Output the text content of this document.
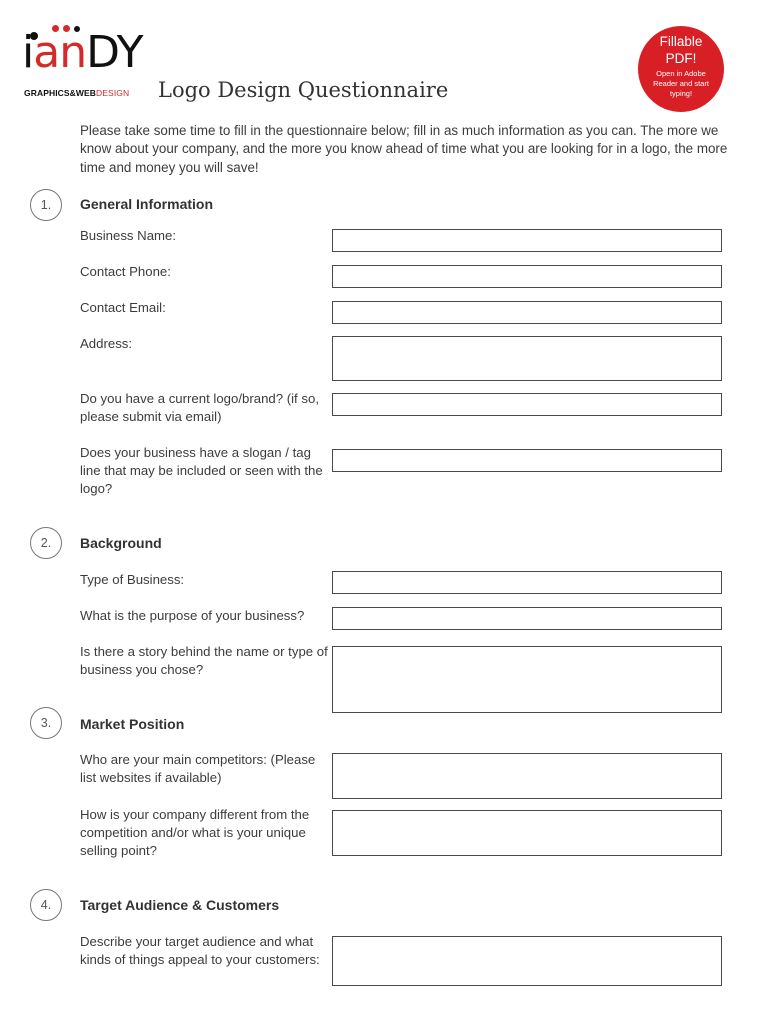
ianDY
GRAPHICS&WEBDESIGN Logo Design Questionnaire
Fillable
PDF!
Open in Adobe Reader and start typing!
Please take some time to fill in the questionnaire below; fill in as much information as you can. The more we know about your company, and the more you know ahead of time what you are looking for in a logo, the more time and money you will save!
1.	General Information
Business Name:
Contact Phone:
Contact Email:
Address:
Do you have a current logo/brand? (if so, please submit via email)
Does your business have a slogan / tag line that may be included or seen with the logo?
2.	Background
Type of Business:
What is the purpose of your business?
Is there a story behind the name or type of business you chose?
3.	Market Position
Who are your main competitors: (Please list websites if available)
How is your company different from the competition and/or what is your unique selling point?
4.	Target Audience & Customers
Describe your target audience and what kinds of things appeal to your customers:
